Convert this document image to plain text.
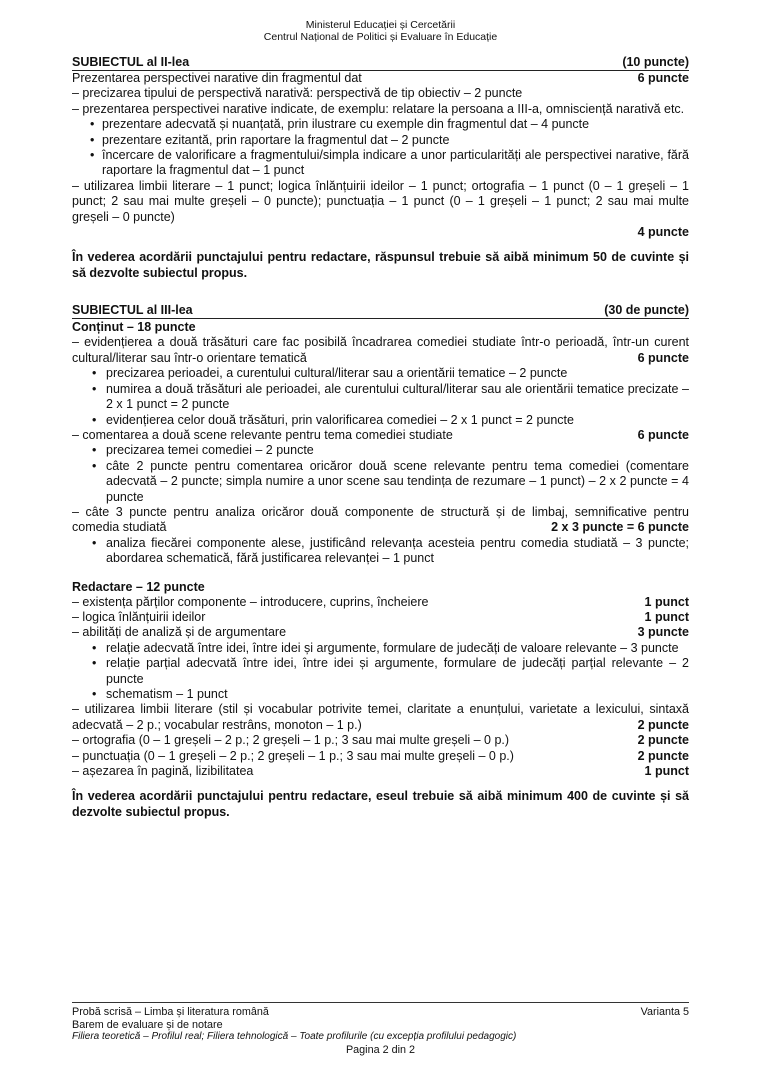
Ministerul Educației și Cercetării
Centrul Național de Politici și Evaluare în Educație
SUBIECTUL al II-lea	(10 puncte)
Prezentarea perspectivei narative din fragmentul dat	6 puncte
– precizarea tipului de perspectivă narativă: perspectivă de tip obiectiv – 2 puncte
– prezentarea perspectivei narative indicate, de exemplu: relatare la persoana a III-a, omnisciență narativă etc.
• prezentare adecvată și nuanțată, prin ilustrare cu exemple din fragmentul dat – 4 puncte
• prezentare ezitantă, prin raportare la fragmentul dat – 2 puncte
• încercare de valorificare a fragmentului/simpla indicare a unor particularități ale perspectivei narative, fără raportare la fragmentul dat – 1 punct
– utilizarea limbii literare – 1 punct; logica înlănțuirii ideilor – 1 punct; ortografia – 1 punct (0 – 1 greșeli – 1 punct; 2 sau mai multe greșeli – 0 puncte); punctuația – 1 punct (0 – 1 greșeli – 1 punct; 2 sau mai multe greșeli – 0 puncte)
4 puncte
În vederea acordării punctajului pentru redactare, răspunsul trebuie să aibă minimum 50 de cuvinte și să dezvolte subiectul propus.
SUBIECTUL al III-lea	(30 de puncte)
Conținut – 18 puncte
– evidențierea a două trăsături care fac posibilă încadrarea comediei studiate într-o perioadă, într-un curent cultural/literar sau într-o orientare tematică	6 puncte
• precizarea perioadei, a curentului cultural/literar sau a orientării tematice – 2 puncte
• numirea a două trăsături ale perioadei, ale curentului cultural/literar sau ale orientării tematice precizate – 2 x 1 punct = 2 puncte
• evidențierea celor două trăsături, prin valorificarea comediei – 2 x 1 punct = 2 puncte
– comentarea a două scene relevante pentru tema comediei studiate	6 puncte
• precizarea temei comediei – 2 puncte
• câte 2 puncte pentru comentarea oricăror două scene relevante pentru tema comediei (comentare adecvată – 2 puncte; simpla numire a unor scene sau tendința de rezumare – 1 punct) – 2 x 2 puncte = 4 puncte
– câte 3 puncte pentru analiza oricăror două componente de structură și de limbaj, semnificative pentru comedia studiată	2 x 3 puncte = 6 puncte
• analiza fiecărei componente alese, justificând relevanța acesteia pentru comedia studiată – 3 puncte; abordarea schematică, fără justificarea relevanței – 1 punct
Redactare – 12 puncte
– existența părților componente – introducere, cuprins, încheiere	1 punct
– logica înlănțuirii ideilor	1 punct
– abilități de analiză și de argumentare	3 puncte
• relație adecvată între idei, între idei și argumente, formulare de judecăți de valoare relevante – 3 puncte
• relație parțial adecvată între idei, între idei și argumente, formulare de judecăți parțial relevante – 2 puncte
• schematism – 1 punct
– utilizarea limbii literare (stil și vocabular potrivite temei, claritate a enunțului, varietate a lexicului, sintaxă adecvată – 2 p.; vocabular restrâns, monoton – 1 p.)	2 puncte
– ortografia (0 – 1 greșeli – 2 p.; 2 greșeli – 1 p.; 3 sau mai multe greșeli – 0 p.)	2 puncte
– punctuația (0 – 1 greșeli – 2 p.; 2 greșeli – 1 p.; 3 sau mai multe greșeli – 0 p.)	2 puncte
– așezarea în pagină, lizibilitatea	1 punct
În vederea acordării punctajului pentru redactare, eseul trebuie să aibă minimum 400 de cuvinte și să dezvolte subiectul propus.
Probă scrisă – Limba și literatura română	Varianta 5
Barem de evaluare și de notare
Filiera teoretică – Profilul real; Filiera tehnologică – Toate profilurile (cu excepția profilului pedagogic)
Pagina 2 din 2
